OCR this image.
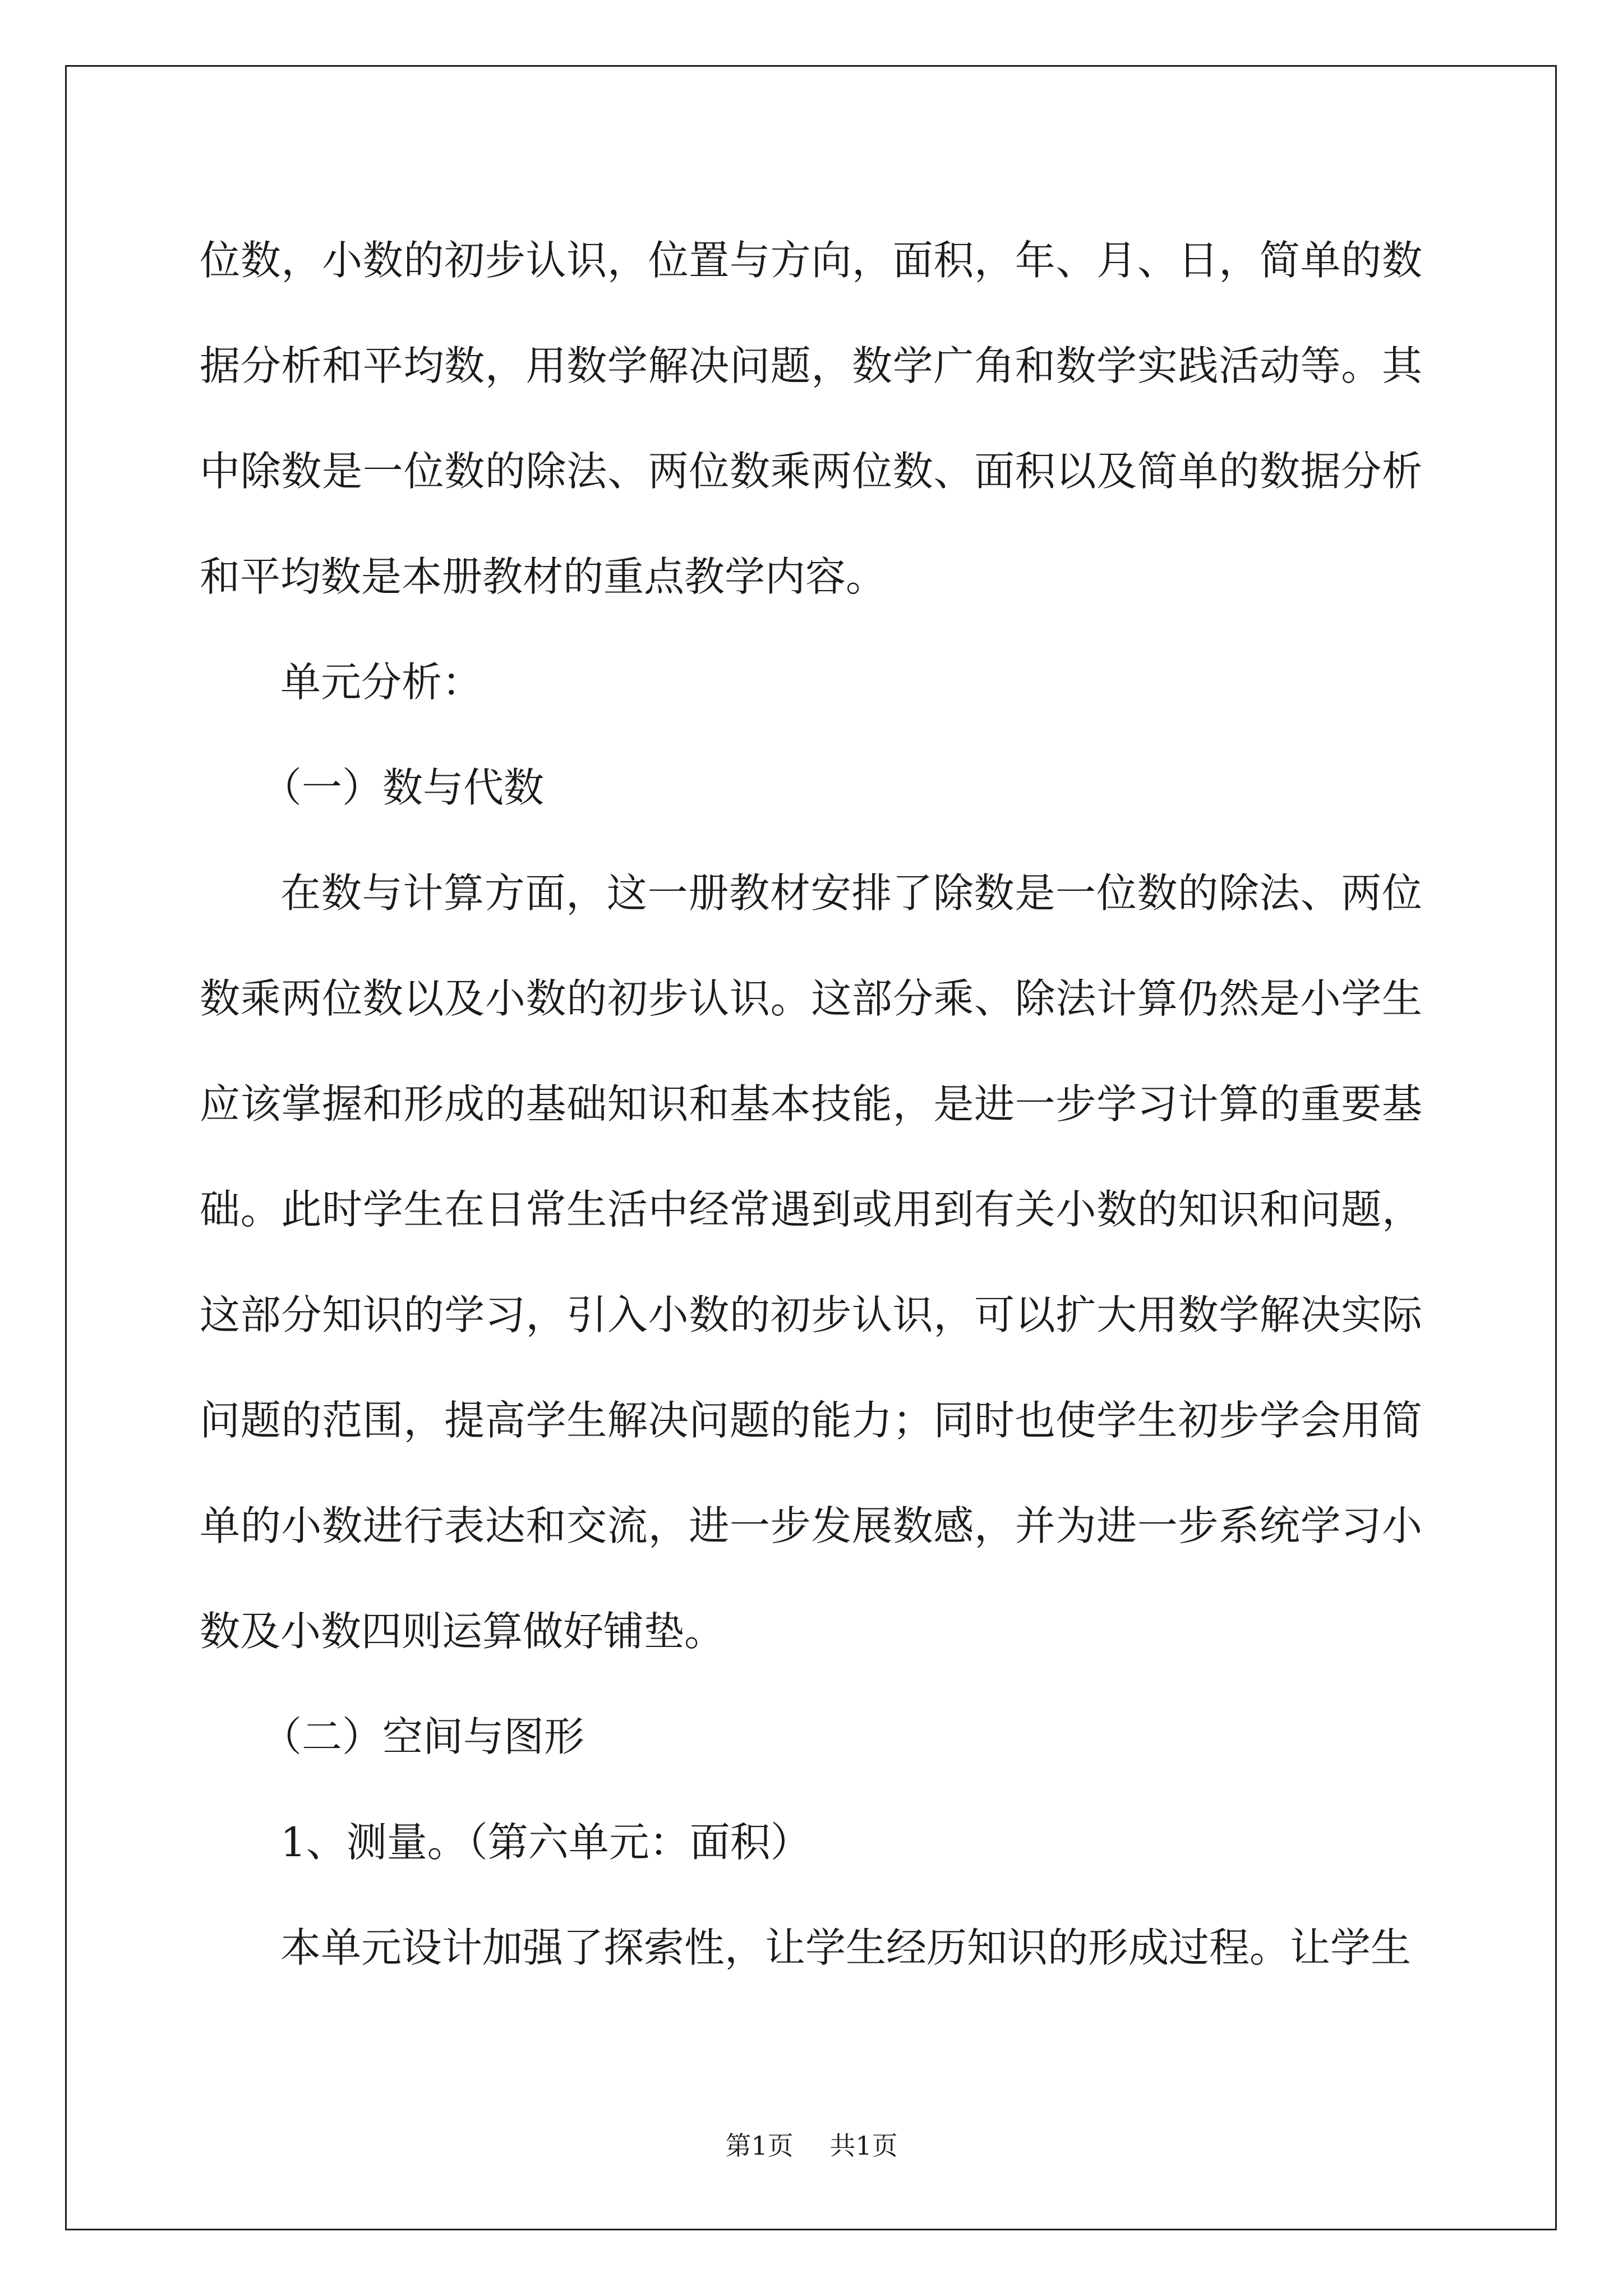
位数，小数的初步认识，位置与方向，面积，年、月、日，简单的数据分析和平均数，用数学解决问题，数学广角和数学实践活动等。其中除数是一位数的除法、两位数乘两位数、面积以及简单的数据分析和平均数是本册教材的重点教学内容。

单元分析：

（一）数与代数

在数与计算方面，这一册教材安排了除数是一位数的除法、两位数乘两位数以及小数的初步认识。这部分乘、除法计算仍然是小学生应该掌握和形成的基础知识和基本技能，是进一步学习计算的重要基础。此时学生在日常生活中经常遇到或用到有关小数的知识和问题，这部分知识的学习，引入小数的初步认识，可以扩大用数学解决实际问题的范围，提高学生解决问题的能力；同时也使学生初步学会用简单的小数进行表达和交流，进一步发展数感，并为进一步系统学习小数及小数四则运算做好铺垫。

（二）空间与图形

1、测量。（第六单元：面积）

本单元设计加强了探索性，让学生经历知识的形成过程。让学生

第1页 共1页
